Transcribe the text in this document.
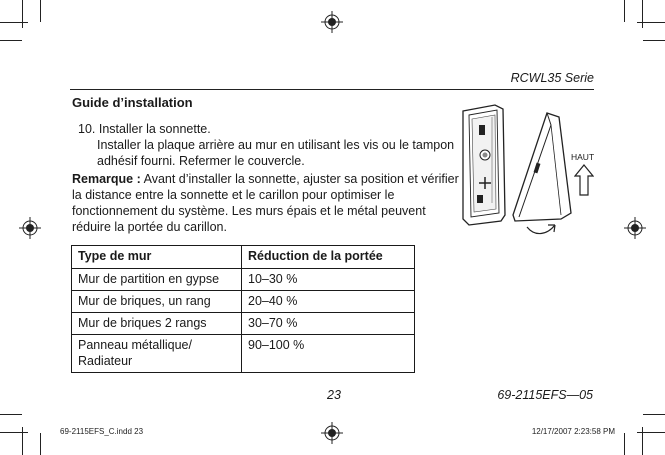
RCWL35 Serie
Guide d’installation
10. Installer la sonnette.
Installer la plaque arrière au mur en utilisant les vis ou le tampon adhésif fourni. Refermer le couvercle.
Remarque : Avant d’installer la sonnette, ajuster sa position et vérifier la distance entre la sonnette et le carillon pour optimiser le fonctionnement du système. Les murs épais et le métal peuvent réduire la portée du carillon.
Type de mur	Réduction de la portée
Mur de partition en gypse	10–30 %
Mur de briques, un rang	20–40 %
Mur de briques 2 rangs	30–70 %
Panneau métallique/ Radiateur	90–100 %
HAUT
23	69-2115EFS—05
69-2115EFS_C.indd 23	12/17/2007 2:23:58 PM
